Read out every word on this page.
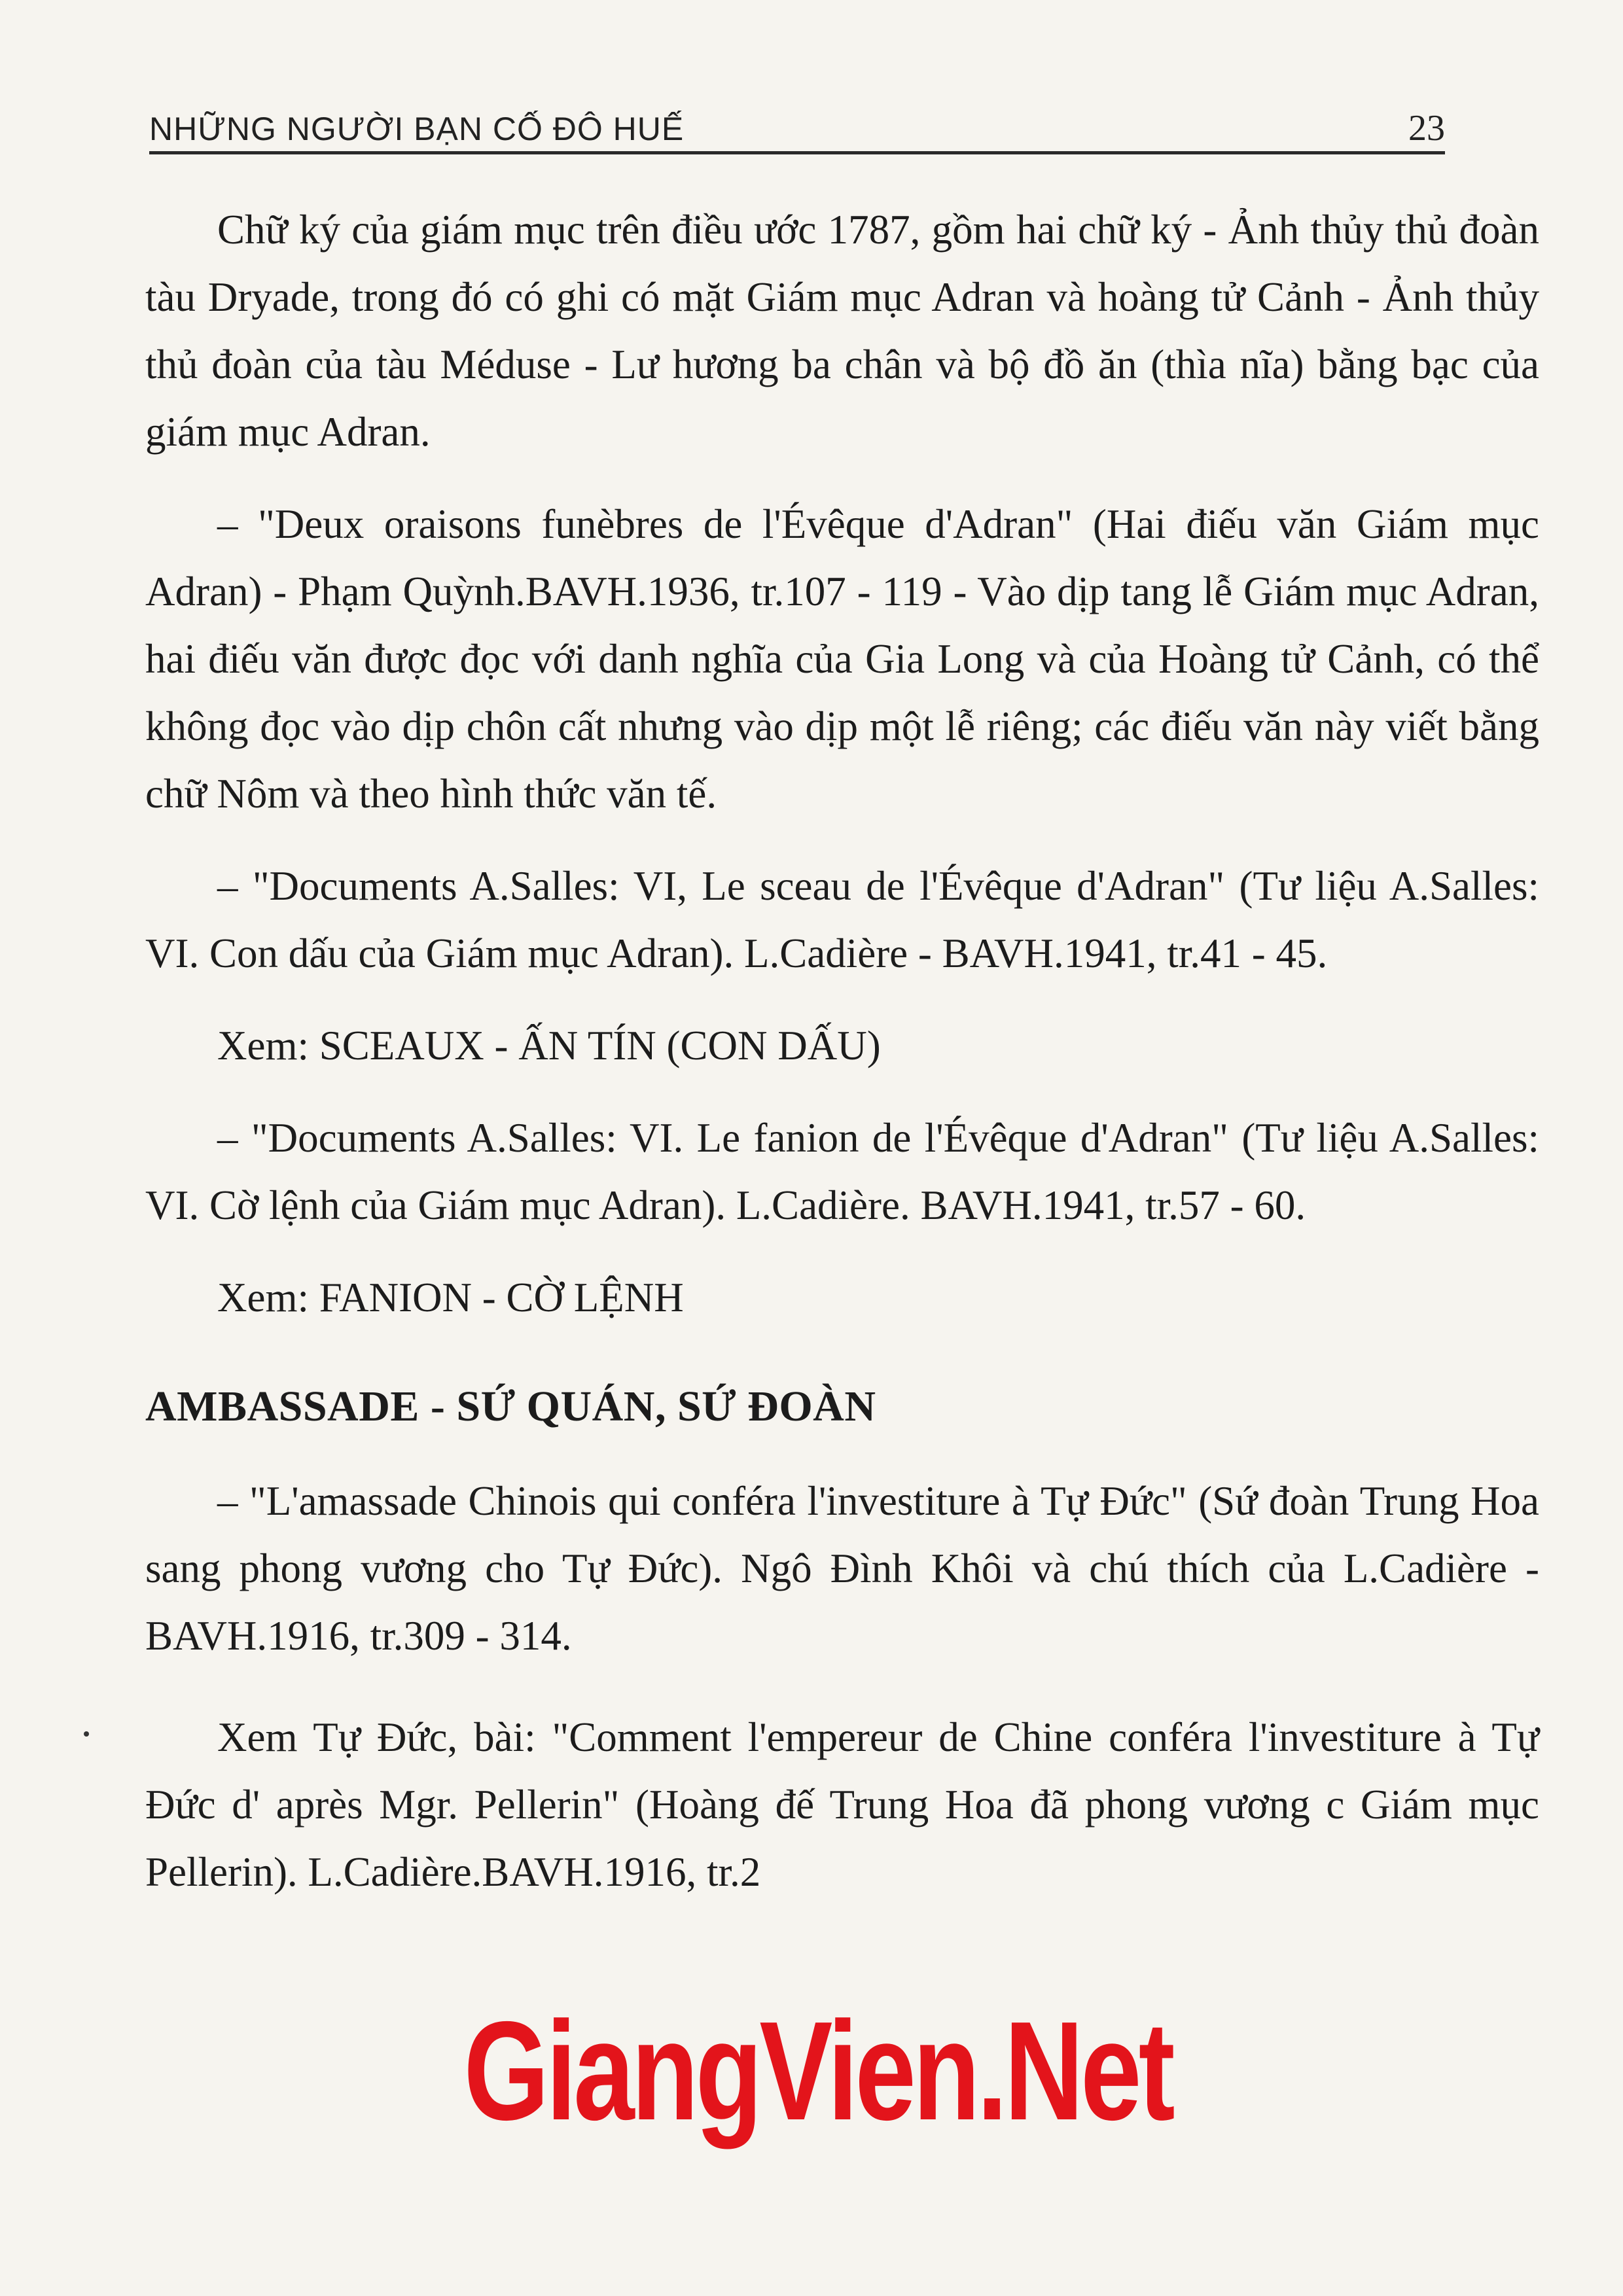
NHỮNG NGƯỜI BẠN CỐ ĐÔ HUẾ	23

Chữ ký của giám mục trên điều ước 1787, gồm hai chữ ký - Ảnh thủy thủ đoàn tàu Dryade, trong đó có ghi có mặt Giám mục Adran và hoàng tử Cảnh - Ảnh thủy thủ đoàn của tàu Méduse - Lư hương ba chân và bộ đồ ăn (thìa nĩa) bằng bạc của giám mục Adran.

– "Deux oraisons funèbres de l'Évêque d'Adran" (Hai điếu văn Giám mục Adran) - Phạm Quỳnh.BAVH.1936, tr.107 - 119 - Vào dịp tang lễ Giám mục Adran, hai điếu văn được đọc với danh nghĩa của Gia Long và của Hoàng tử Cảnh, có thể không đọc vào dịp chôn cất nhưng vào dịp một lễ riêng; các điếu văn này viết bằng chữ Nôm và theo hình thức văn tế.

– "Documents A.Salles: VI, Le sceau de l'Évêque d'Adran" (Tư liệu A.Salles: VI. Con dấu của Giám mục Adran). L.Cadière - BAVH.1941, tr.41 - 45.

Xem: SCEAUX - ẤN TÍN (CON DẤU)

– "Documents A.Salles: VI. Le fanion de l'Évêque d'Adran" (Tư liệu A.Salles: VI. Cờ lệnh của Giám mục Adran). L.Cadière. BAVH.1941, tr.57 - 60.

Xem: FANION - CỜ LỆNH

AMBASSADE - SỨ QUÁN, SỨ ĐOÀN

– "L'amassade Chinois qui conféra l'investiture à Tự Đức" (Sứ đoàn Trung Hoa sang phong vương cho Tự Đức). Ngô Đình Khôi và chú thích của L.Cadière - BAVH.1916, tr.309 - 314.

Xem Tự Đức, bài: "Comment l'empereur de Chine conféra l'investiture à Tự Đức d' après Mgr. Pellerin" (Hoàng đế Trung Hoa đã phong vương c Giám mục Pellerin). L.Cadière.BAVH.1916, tr.2

GiangVien.Net
